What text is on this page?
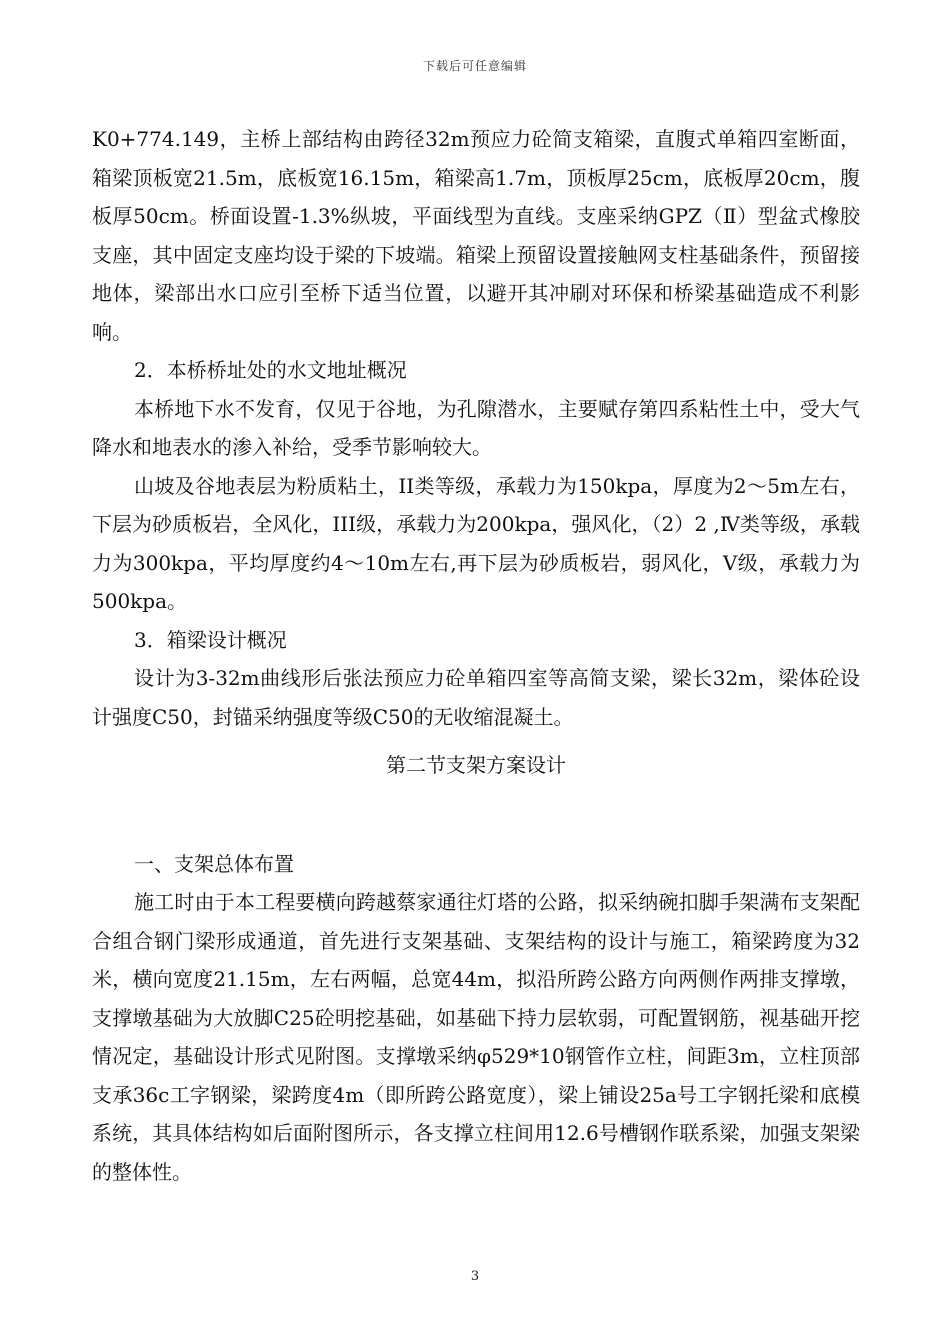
下载后可任意编辑

K0+774.149，主桥上部结构由跨径32m预应力砼简支箱梁，直腹式单箱四室断面，箱梁顶板宽21.5m，底板宽16.15m，箱梁高1.7m，顶板厚25cm，底板厚20cm，腹板厚50cm。桥面设置-1.3%纵坡，平面线型为直线。支座采纳GPZ（Ⅱ）型盆式橡胶支座，其中固定支座均设于梁的下坡端。箱梁上预留设置接触网支柱基础条件，预留接地体，梁部出水口应引至桥下适当位置，以避开其冲刷对环保和桥梁基础造成不利影响。

2．本桥桥址处的水文地址概况

本桥地下水不发育，仅见于谷地，为孔隙潜水，主要赋存第四系粘性土中，受大气降水和地表水的渗入补给，受季节影响较大。

山坡及谷地表层为粉质粘土，II类等级，承载力为150kpa，厚度为2～5m左右，下层为砂质板岩，全风化，III级，承载力为200kpa，强风化，（2）2 ,Ⅳ类等级，承载力为300kpa，平均厚度约4～10m左右,再下层为砂质板岩，弱风化，Ⅴ级，承载力为500kpa。

3．箱梁设计概况

设计为3-32m曲线形后张法预应力砼单箱四室等高简支梁，梁长32m，梁体砼设计强度C50，封锚采纳强度等级C50的无收缩混凝土。

第二节支架方案设计

一、支架总体布置

施工时由于本工程要横向跨越蔡家通往灯塔的公路，拟采纳碗扣脚手架满布支架配合组合钢门梁形成通道，首先进行支架基础、支架结构的设计与施工，箱梁跨度为32米，横向宽度21.15m，左右两幅，总宽44m，拟沿所跨公路方向两侧作两排支撑墩，支撑墩基础为大放脚C25砼明挖基础，如基础下持力层软弱，可配置钢筋，视基础开挖情况定，基础设计形式见附图。支撑墩采纳φ529*10钢管作立柱，间距3m，立柱顶部支承36c工字钢梁，梁跨度4m（即所跨公路宽度），梁上铺设25a号工字钢托梁和底模系统，其具体结构如后面附图所示，各支撑立柱间用12.6号槽钢作联系梁，加强支架梁的整体性。

3
